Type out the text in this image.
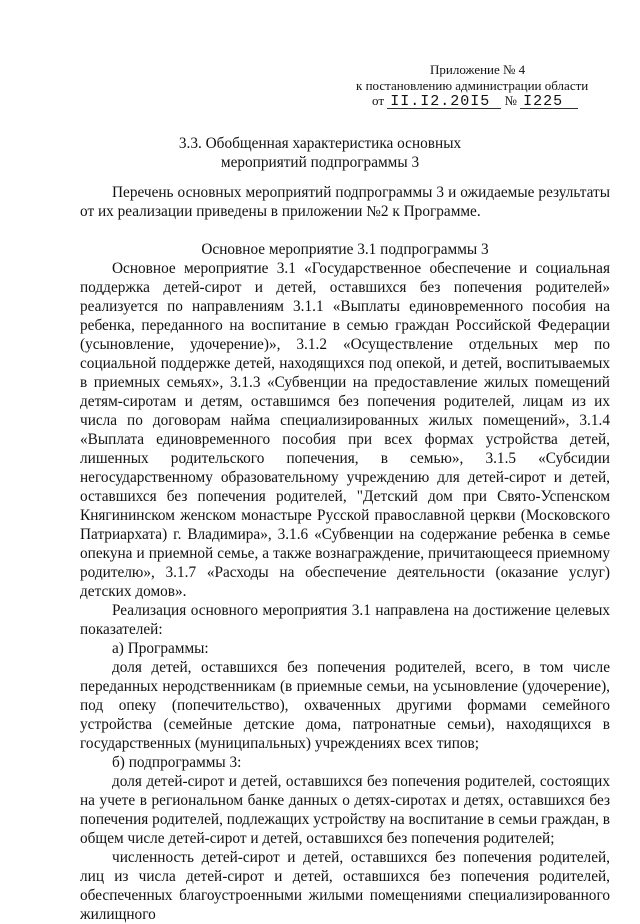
Приложение № 4
к постановлению администрации области
от II.I2.20I5 № I225
3.3. Обобщенная характеристика основных
мероприятий подпрограммы 3

Перечень основных мероприятий подпрограммы 3 и ожидаемые результаты от их реализации приведены в приложении №2 к Программе.

Основное мероприятие 3.1 подпрограммы 3

Основное мероприятие 3.1 «Государственное обеспечение и социальная поддержка детей-сирот и детей, оставшихся без попечения родителей» реализуется по направлениям 3.1.1 «Выплаты единовременного пособия на ребенка, переданного на воспитание в семью граждан Российской Федерации (усыновление, удочерение)», 3.1.2 «Осуществление отдельных мер по социальной поддержке детей, находящихся под опекой, и детей, воспитываемых в приемных семьях», 3.1.3 «Субвенции на предоставление жилых помещений детям-сиротам и детям, оставшимся без попечения родителей, лицам из их числа по договорам найма специализированных жилых помещений», 3.1.4 «Выплата единовременного пособия при всех формах устройства детей, лишенных родительского попечения, в семью», 3.1.5 «Субсидии негосударственному образовательному учреждению для детей-сирот и детей, оставшихся без попечения родителей, "Детский дом при Свято-Успенском Княгининском женском монастыре Русской православной церкви (Московского Патриархата) г. Владимира», 3.1.6 «Субвенции на содержание ребенка в семье опекуна и приемной семье, а также вознаграждение, причитающееся приемному родителю», 3.1.7 «Расходы на обеспечение деятельности (оказание услуг) детских домов».

Реализация основного мероприятия 3.1 направлена на достижение целевых показателей:

а) Программы:

доля детей, оставшихся без попечения родителей, всего, в том числе переданных неродственникам (в приемные семьи, на усыновление (удочерение), под опеку (попечительство), охваченных другими формами семейного устройства (семейные детские дома, патронатные семьи), находящихся в государственных (муниципальных) учреждениях всех типов;

б) подпрограммы 3:

доля детей-сирот и детей, оставшихся без попечения родителей, состоящих на учете в региональном банке данных о детях-сиротах и детях, оставшихся без попечения родителей, подлежащих устройству на воспитание в семьи граждан, в общем числе детей-сирот и детей, оставшихся без попечения родителей;

численность детей-сирот и детей, оставшихся без попечения родителей, лиц из числа детей-сирот и детей, оставшихся без попечения родителей, обеспеченных благоустроенными жилыми помещениями специализированного жилищного
